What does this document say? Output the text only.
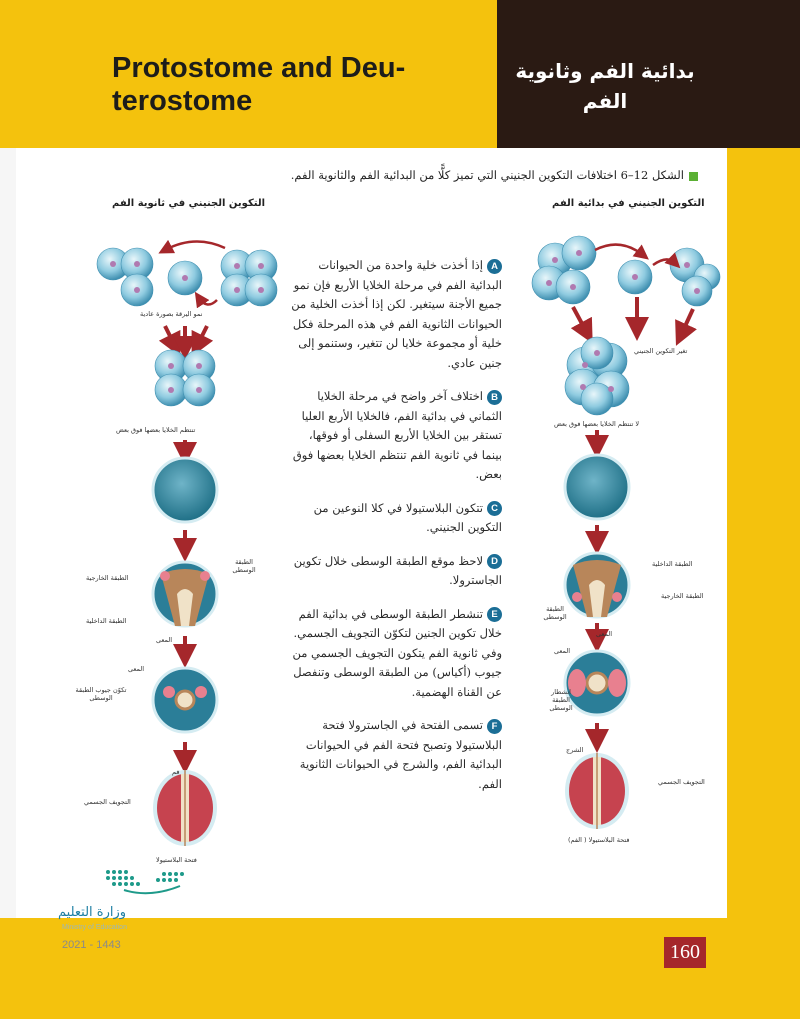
Protostome and Deu-terostome
بدائية الفم وثانوية الفم
الشكل 12–6 اختلافات التكوين الجنيني التي تميز كلًّا من البدائية الفم والثانوية الفم.
التكوين الجنيني في بدائية الفم
التكوين الجنيني في ثانوية الفم

Aإذا أخذت خلية واحدة من الحيوانات البدائية الفم في مرحلة الخلايا الأربع فإن نمو جميع الأجنة سيتغير. لكن إذا أخذت الخلية من الحيوانات الثانوية الفم في هذه المرحلة فكل خلية أو مجموعة خلايا لن تتغير، وستنمو إلى جنين عادي.

Bاختلاف آخر واضح في مرحلة الخلايا الثماني في بدائية الفم، فالخلايا الأربع العليا تستقر بين الخلايا الأربع السفلى أو فوقها، بينما في ثانوية الفم تنتظم الخلايا بعضها فوق بعض.

Cتتكون البلاستيولا في كلا النوعين من التكوين الجنيني.

Dلاحظ موقع الطبقة الوسطى خلال تكوين الجاسترولا.

Eتنشطر الطبقة الوسطى في بدائية الفم خلال تكوين الجنين لتكوّن التجويف الجسمي. وفي ثانوية الفم يتكون التجويف الجسمي من جيوب (أكياس) من الطبقة الوسطى وتنفصل عن القناة الهضمية.

Fتسمى الفتحة في الجاسترولا فتحة البلاستيولا وتصبح فتحة الفم في الحيوانات البدائية الفم، والشرج في الحيوانات الثانوية الفم.

تغير التكوين الجنيني
لا تنتظم الخلايا بعضها فوق بعض
الطبقة الداخلية
الطبقة الخارجية
الطبقة الوسطى
المعى
المعى
انشطار الطبقة الوسطى
الشرج
التجويف الجسمي
فتحة البلاستيولا ( الفم)
نمو اليرقة بصورة عادية
تنتظم الخلايا بعضها فوق بعض
الطبقة الوسطى
الطبقة الخارجية
الطبقة الداخلية
المعى
المعى
تكوّن جيوب الطبقة الوسطى
فم
التجويف الجسمي
فتحة البلاستيولا
وزارة التعليم
Ministry of Education
2021 - 1443	160
